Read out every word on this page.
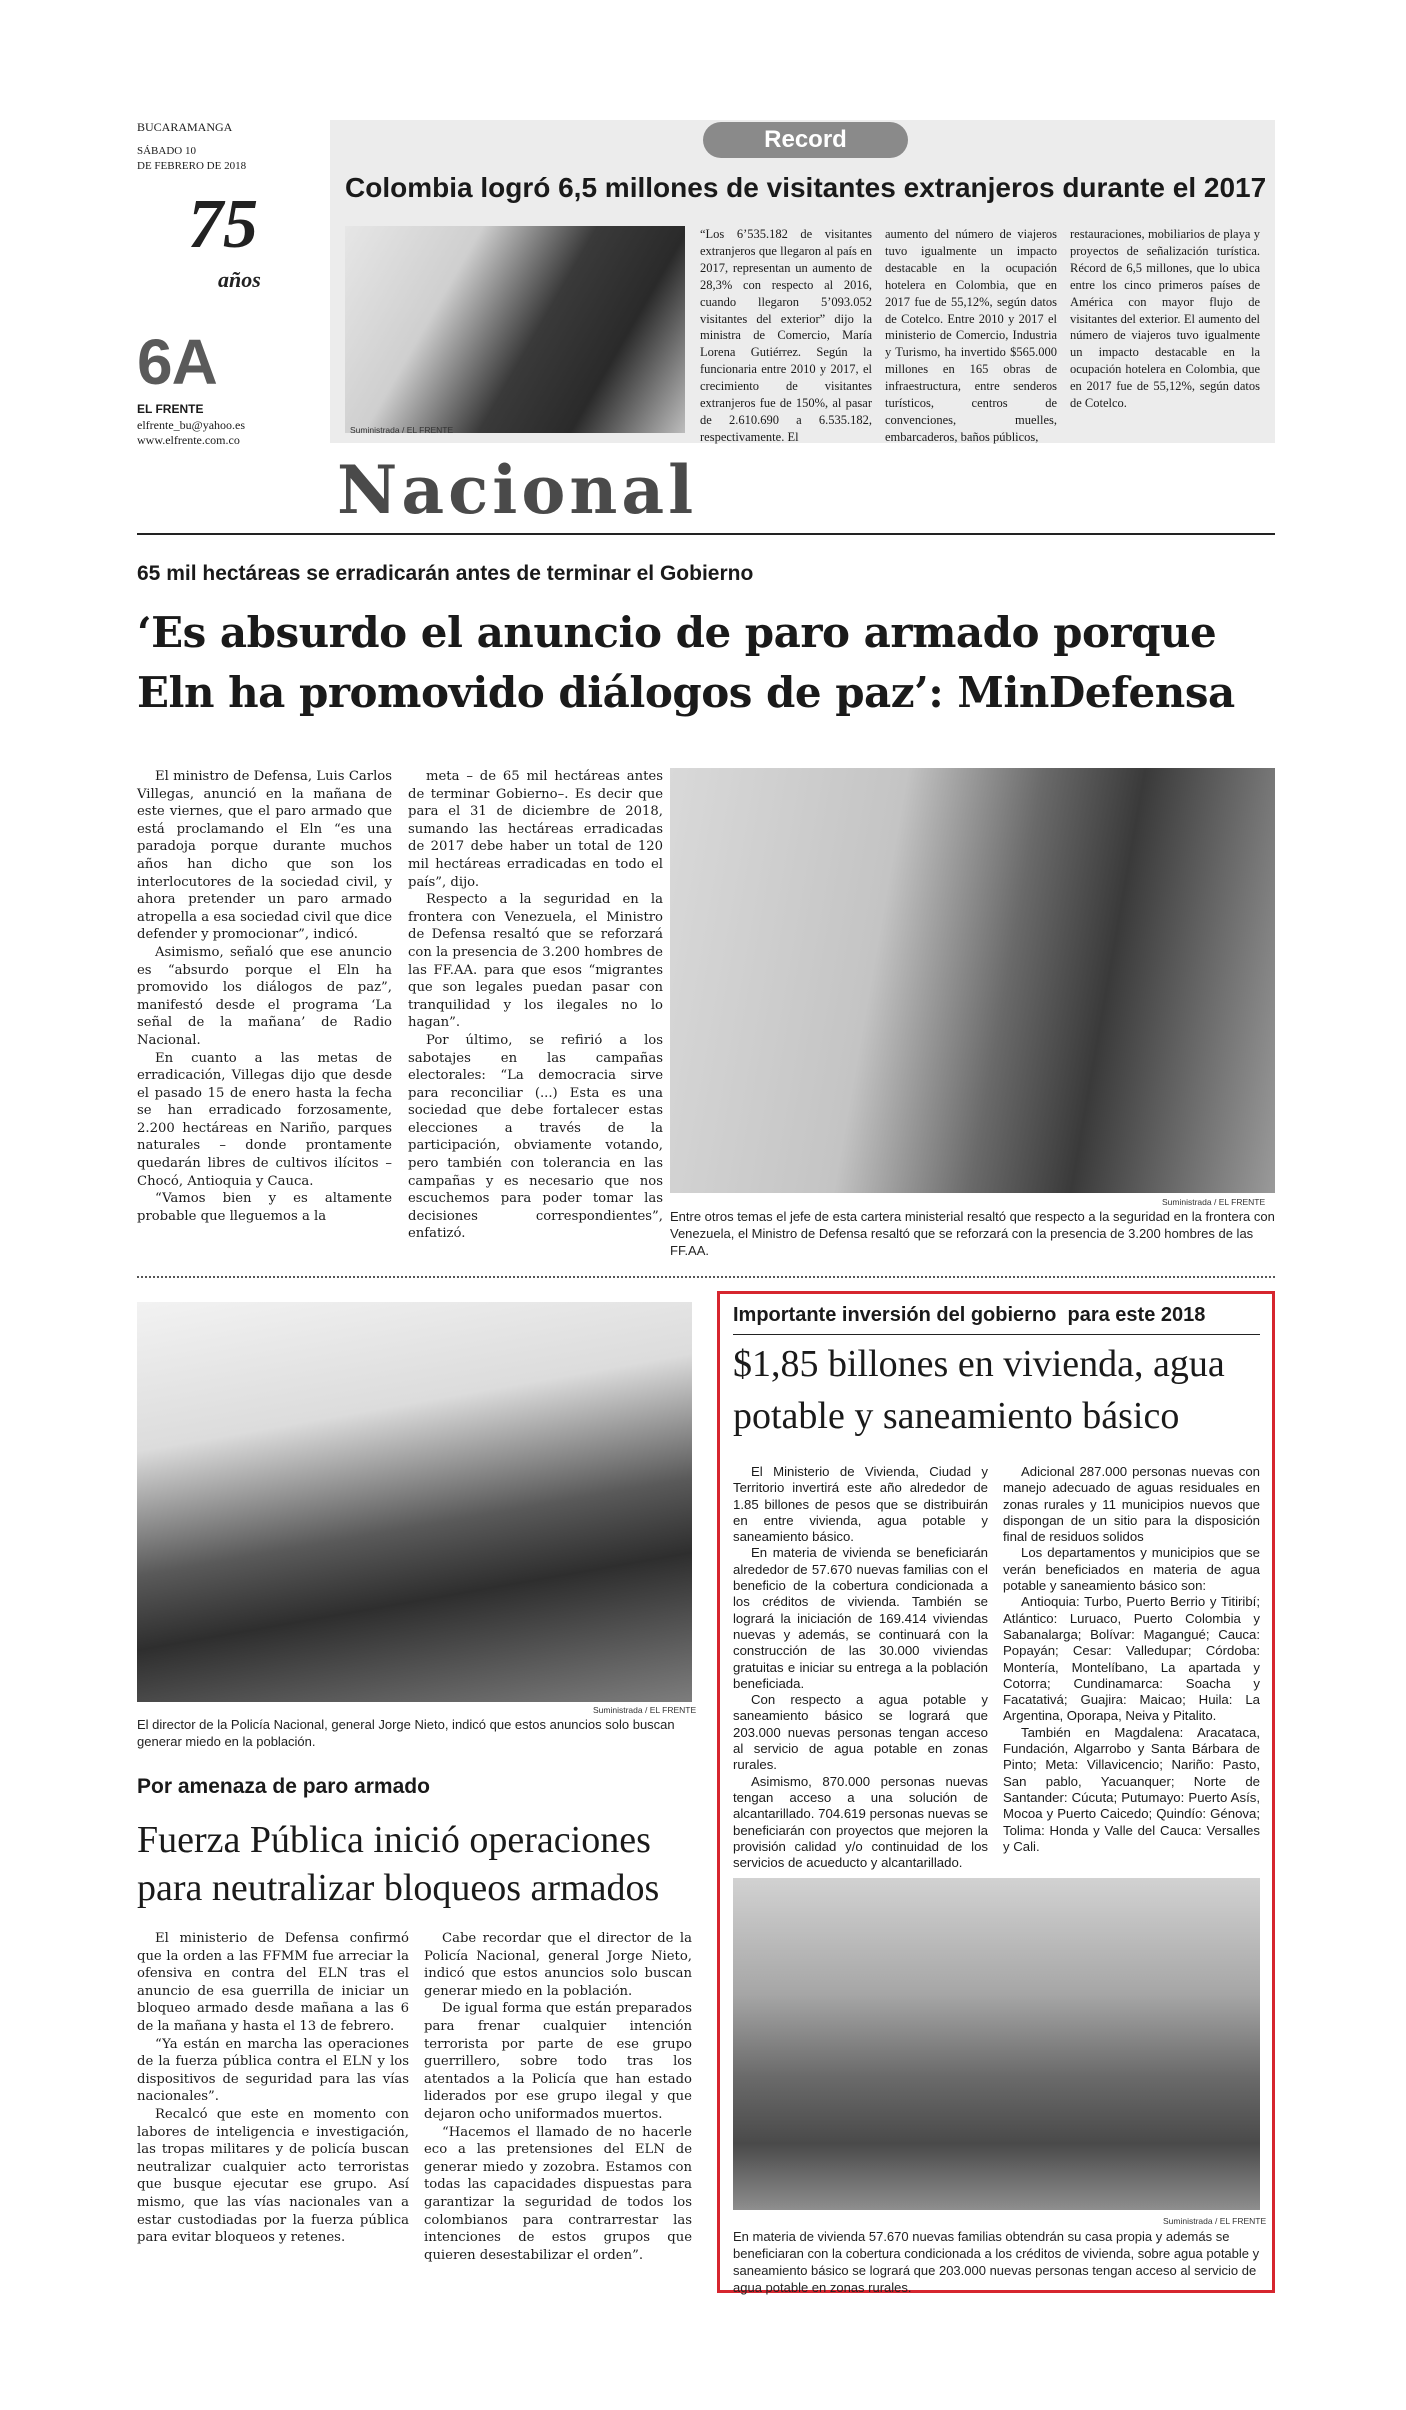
BUCARAMANGA
SÁBADO 10
DE FEBRERO DE 2018
75
años
6A
EL FRENTE
elfrente_bu@yahoo.es
www.elfrente.com.co
Record
Colombia logró 6,5 millones de visitantes extranjeros durante el 2017
Suministrada / EL FRENTE
“Los 6’535.182 de visitantes extranjeros que llegaron al país en 2017, representan un aumento de 28,3% con respecto al 2016, cuando llegaron 5’093.052 visitantes del exterior” dijo la ministra de Comercio, María Lorena Gutiérrez. Según la funcionaria entre 2010 y 2017, el crecimiento de visitantes extranjeros fue de 150%, al pasar de 2.610.690 a 6.535.182, respectivamente. El
aumento del número de viajeros tuvo igualmente un impacto destacable en la ocupación hotelera en Colombia, que en 2017 fue de 55,12%, según datos de Cotelco. Entre 2010 y 2017 el ministerio de Comercio, Industria y Turismo, ha invertido $565.000 millones en 165 obras de infraestructura, entre senderos turísticos, centros de convenciones, muelles, embarcaderos, baños públicos,
restauraciones, mobiliarios de playa y proyectos de señalización turística. Récord de 6,5 millones, que lo ubica entre los cinco primeros países de América con mayor flujo de visitantes del exterior. El aumento del número de viajeros tuvo igualmente un impacto destacable en la ocupación hotelera en Colombia, que en 2017 fue de 55,12%, según datos de Cotelco.
Nacional
65 mil hectáreas se erradicarán antes de terminar el Gobierno
‘Es absurdo el anuncio de paro armado porque
Eln ha promovido diálogos de paz’: MinDefensa

El ministro de Defensa, Luis Carlos Villegas, anunció en la mañana de este viernes, que el paro armado que está proclamando el Eln “es una paradoja porque durante muchos años han dicho que son los interlocutores de la sociedad civil, y ahora pretender un paro armado atropella a esa sociedad civil que dice defender y promocionar”, indicó.

Asimismo, señaló que ese anuncio es “absurdo porque el Eln ha promovido los diálogos de paz”, manifestó desde el programa ‘La señal de la mañana’ de Radio Nacional.

En cuanto a las metas de erradicación, Villegas dijo que desde el pasado 15 de enero hasta la fecha se han erradicado forzosamente, 2.200 hectáreas en Nariño, parques naturales – donde prontamente quedarán libres de cultivos ilícitos – Chocó, Antioquia y Cauca.

“Vamos bien y es altamente probable que lleguemos a la

meta – de 65 mil hectáreas antes de terminar Gobierno–. Es decir que para el 31 de diciembre de 2018, sumando las hectáreas erradicadas de 2017 debe haber un total de 120 mil hectáreas erradicadas en todo el país”, dijo.

Respecto a la seguridad en la frontera con Venezuela, el Ministro de Defensa resaltó que se reforzará con la presencia de 3.200 hombres de las FF.AA. para que esos “migrantes que son legales puedan pasar con tranquilidad y los ilegales no lo hagan”.

Por último, se refirió a los sabotajes en las campañas electorales: “La democracia sirve para reconciliar (...) Esta es una sociedad que debe fortalecer estas elecciones a través de la participación, obviamente votando, pero también con tolerancia en las campañas y es necesario que nos escuchemos para poder tomar las decisiones correspondientes”, enfatizó.

Suministrada / EL FRENTE
Entre otros temas el jefe de esta cartera ministerial resaltó que respecto a la seguridad en la frontera con Venezuela, el Ministro de Defensa resaltó que se reforzará con la presencia de 3.200 hombres de las FF.AA.
Suministrada / EL FRENTE
El director de la Policía Nacional, general Jorge Nieto, indicó que estos anuncios solo buscan generar miedo en la población.
Por amenaza de paro armado
Fuerza Pública inició operaciones
para neutralizar bloqueos armados

El ministerio de Defensa confirmó que la orden a las FFMM fue arreciar la ofensiva en contra del ELN tras el anuncio de esa guerrilla de iniciar un bloqueo armado desde mañana a las 6 de la mañana y hasta el 13 de febrero.

“Ya están en marcha las operaciones de la fuerza pública contra el ELN y los dispositivos de seguridad para las vías nacionales”.

Recalcó que este en momento con labores de inteligencia e investigación, las tropas militares y de policía buscan neutralizar cualquier acto terroristas que busque ejecutar ese grupo. Así mismo, que las vías nacionales van a estar custodiadas por la fuerza pública para evitar bloqueos y retenes.

Cabe recordar que el director de la Policía Nacional, general Jorge Nieto, indicó que estos anuncios solo buscan generar miedo en la población.

De igual forma que están preparados para frenar cualquier intención terrorista por parte de ese grupo guerrillero, sobre todo tras los atentados a la Policía que han estado liderados por ese grupo ilegal y que dejaron ocho uniformados muertos.

“Hacemos el llamado de no hacerle eco a las pretensiones del ELN de generar miedo y zozobra. Estamos con todas las capacidades dispuestas para garantizar la seguridad de todos los colombianos para contrarrestar las intenciones de estos grupos que quieren desestabilizar el orden”.

Importante inversión del gobierno  para este 2018
$1,85 billones en vivienda, agua
potable y saneamiento básico

El Ministerio de Vivienda, Ciudad y Territorio invertirá este año alrededor de 1.85 billones de pesos que se distribuirán en entre vivienda, agua potable y saneamiento básico.

En materia de vivienda se beneficiarán alrededor de 57.670 nuevas familias con el beneficio de la cobertura condicionada a los créditos de vivienda. También se logrará la iniciación de 169.414 viviendas nuevas y además, se continuará con la construcción de las 30.000 viviendas gratuitas e iniciar su entrega a la población beneficiada.

Con respecto a agua potable y saneamiento básico se logrará que 203.000 nuevas personas tengan acceso al servicio de agua potable en zonas rurales.

Asimismo, 870.000 personas nuevas tengan acceso a una solución de alcantarillado. 704.619 personas nuevas se beneficiarán con proyectos que mejoren la provisión calidad y/o continuidad de los servicios de acueducto y alcantarillado.

Adicional 287.000 personas nuevas con manejo adecuado de aguas residuales en zonas rurales y 11 municipios nuevos que dispongan de un sitio para la disposición final de residuos solidos

Los departamentos y municipios que se verán beneficiados en materia de agua potable y saneamiento básico son:

Antioquia: Turbo, Puerto Berrio y Titiribí; Atlántico: Luruaco, Puerto Colombia y Sabanalarga; Bolívar: Magangué; Cauca: Popayán; Cesar: Valledupar; Córdoba: Montería, Montelíbano, La apartada y Cotorra; Cundinamarca: Soacha y Facatativá; Guajira: Maicao; Huila: La Argentina, Oporapa, Neiva y Pitalito.

También en Magdalena: Aracataca, Fundación, Algarrobo y Santa Bárbara de Pinto; Meta: Villavicencio; Nariño: Pasto, San pablo, Yacuanquer; Norte de Santander: Cúcuta; Putumayo: Puerto Asís, Mocoa y Puerto Caicedo; Quindío: Génova; Tolima: Honda y Valle del Cauca: Versalles y Cali.

Suministrada / EL FRENTE
En materia de vivienda 57.670 nuevas familias obtendrán su casa propia y además se beneficiaran con la cobertura condicionada a los créditos de vivienda, sobre agua potable y saneamiento básico se logrará que 203.000 nuevas personas tengan acceso al servicio de agua potable en zonas rurales.
